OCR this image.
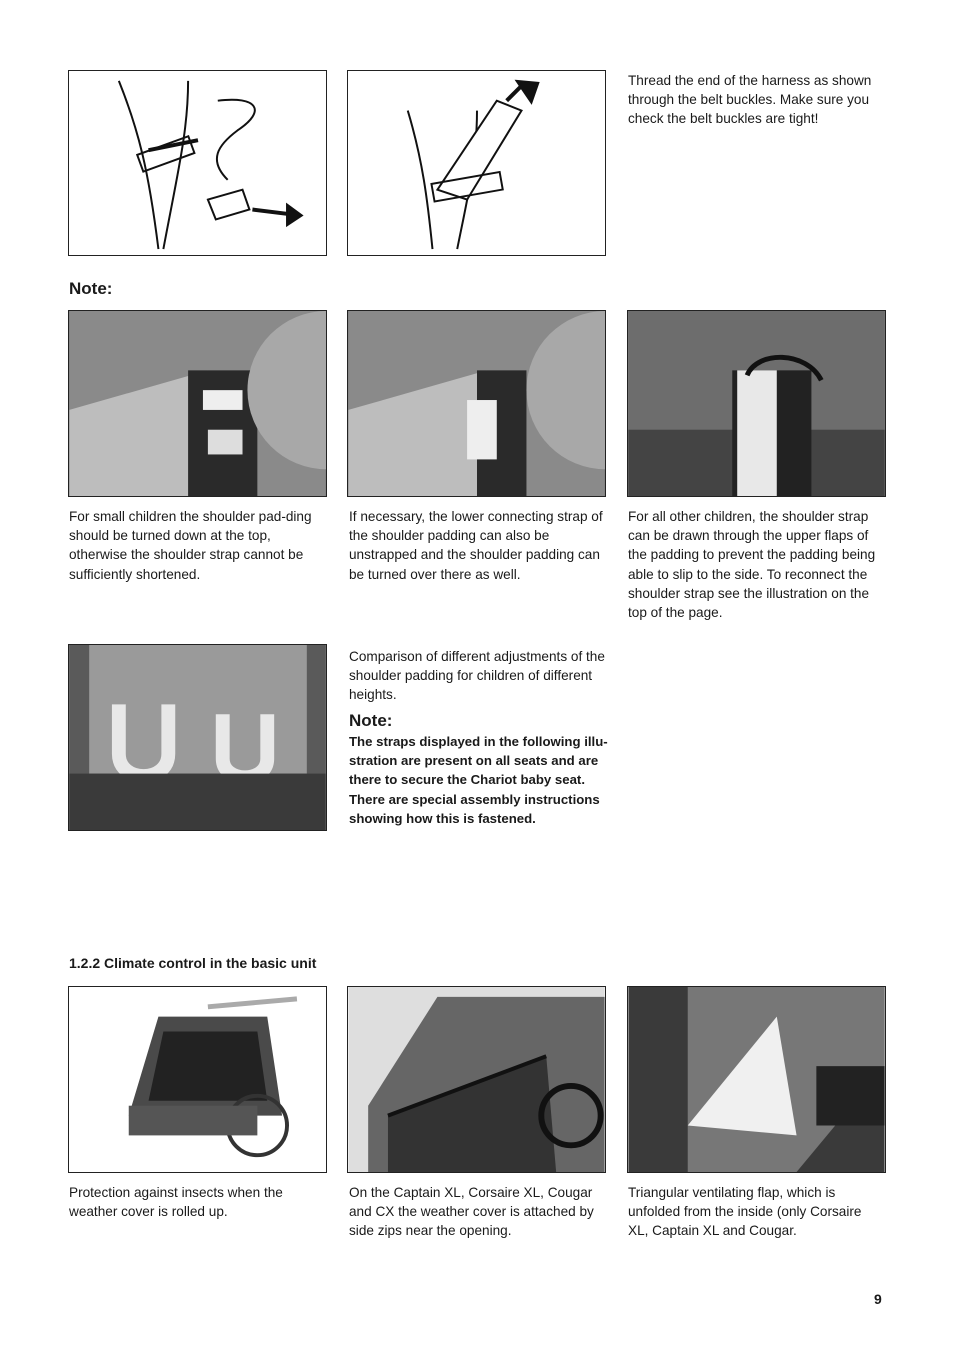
Thread the end of the harness as shown through the belt buckles. Make sure you check the belt buckles are tight!
Note:
For small children the shoulder pad-ding should be turned down at the top, otherwise the shoulder strap cannot be sufficiently shortened.
If necessary, the lower connecting strap of the shoulder padding can also be unstrapped and the shoulder padding can be turned over there as well.
For all other children, the shoulder strap can be drawn through the upper flaps of the padding to prevent the padding being able to slip to the side. To reconnect the shoulder strap see the illustration on the top of the page.
Comparison of different adjustments of the shoulder padding for children of different heights.
Note:
The straps displayed in the following illu-stration are present on all seats and are there to secure the Chariot baby seat. There are special assembly instructions showing how this is fastened.
1.2.2 Climate control in the basic unit
Protection against insects when the weather cover is rolled up.
On the Captain XL, Corsaire XL, Cougar and CX the weather cover is attached by side zips near the opening.
Triangular ventilating flap, which is unfolded from the inside (only Corsaire XL, Captain XL and Cougar.
9
